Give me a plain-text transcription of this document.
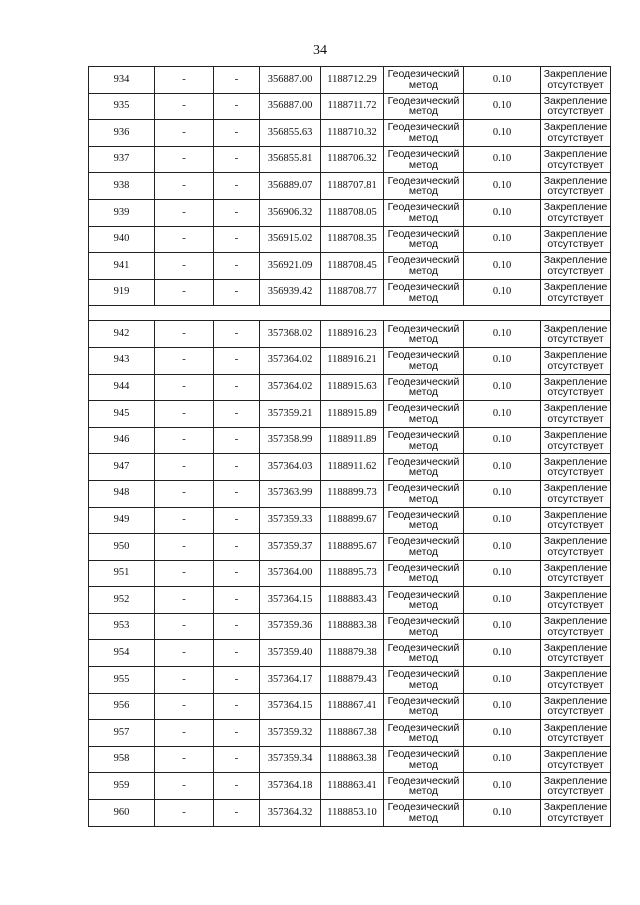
34
934	-	-	356887.00	1188712.29	Геодезический метод	0.10	Закрепление отсутствует
935	-	-	356887.00	1188711.72	Геодезический метод	0.10	Закрепление отсутствует
936	-	-	356855.63	1188710.32	Геодезический метод	0.10	Закрепление отсутствует
937	-	-	356855.81	1188706.32	Геодезический метод	0.10	Закрепление отсутствует
938	-	-	356889.07	1188707.81	Геодезический метод	0.10	Закрепление отсутствует
939	-	-	356906.32	1188708.05	Геодезический метод	0.10	Закрепление отсутствует
940	-	-	356915.02	1188708.35	Геодезический метод	0.10	Закрепление отсутствует
941	-	-	356921.09	1188708.45	Геодезический метод	0.10	Закрепление отсутствует
919	-	-	356939.42	1188708.77	Геодезический метод	0.10	Закрепление отсутствует

942	-	-	357368.02	1188916.23	Геодезический метод	0.10	Закрепление отсутствует
943	-	-	357364.02	1188916.21	Геодезический метод	0.10	Закрепление отсутствует
944	-	-	357364.02	1188915.63	Геодезический метод	0.10	Закрепление отсутствует
945	-	-	357359.21	1188915.89	Геодезический метод	0.10	Закрепление отсутствует
946	-	-	357358.99	1188911.89	Геодезический метод	0.10	Закрепление отсутствует
947	-	-	357364.03	1188911.62	Геодезический метод	0.10	Закрепление отсутствует
948	-	-	357363.99	1188899.73	Геодезический метод	0.10	Закрепление отсутствует
949	-	-	357359.33	1188899.67	Геодезический метод	0.10	Закрепление отсутствует
950	-	-	357359.37	1188895.67	Геодезический метод	0.10	Закрепление отсутствует
951	-	-	357364.00	1188895.73	Геодезический метод	0.10	Закрепление отсутствует
952	-	-	357364.15	1188883.43	Геодезический метод	0.10	Закрепление отсутствует
953	-	-	357359.36	1188883.38	Геодезический метод	0.10	Закрепление отсутствует
954	-	-	357359.40	1188879.38	Геодезический метод	0.10	Закрепление отсутствует
955	-	-	357364.17	1188879.43	Геодезический метод	0.10	Закрепление отсутствует
956	-	-	357364.15	1188867.41	Геодезический метод	0.10	Закрепление отсутствует
957	-	-	357359.32	1188867.38	Геодезический метод	0.10	Закрепление отсутствует
958	-	-	357359.34	1188863.38	Геодезический метод	0.10	Закрепление отсутствует
959	-	-	357364.18	1188863.41	Геодезический метод	0.10	Закрепление отсутствует
960	-	-	357364.32	1188853.10	Геодезический метод	0.10	Закрепление отсутствует
